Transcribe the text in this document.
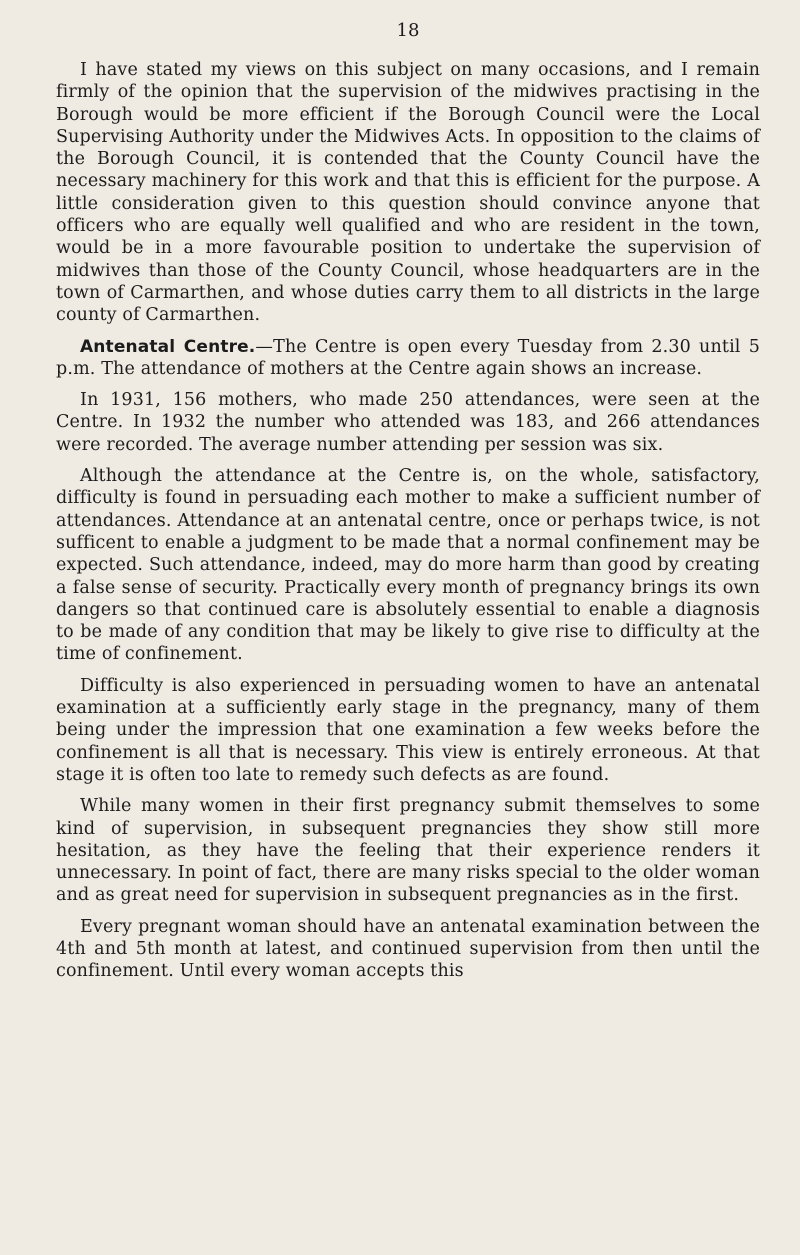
18

I have stated my views on this subject on many occasions, and I remain firmly of the opinion that the supervision of the midwives practising in the Borough would be more efficient if the Borough Council were the Local Supervising Authority under the Midwives Acts. In opposition to the claims of the Borough Council, it is contended that the County Council have the necessary machinery for this work and that this is efficient for the purpose. A little consideration given to this question should convince anyone that officers who are equally well qualified and who are resident in the town, would be in a more favourable position to undertake the supervision of midwives than those of the County Council, whose headquarters are in the town of Carmarthen, and whose duties carry them to all districts in the large county of Carmarthen.

Antenatal Centre.—The Centre is open every Tuesday from 2.30 until 5 p.m. The attendance of mothers at the Centre again shows an increase.

In 1931, 156 mothers, who made 250 attendances, were seen at the Centre. In 1932 the number who attended was 183, and 266 attendances were recorded. The average number attending per session was six.

Although the attendance at the Centre is, on the whole, satisfactory, difficulty is found in persuading each mother to make a sufficient number of attendances. Attendance at an antenatal centre, once or perhaps twice, is not sufficent to enable a judgment to be made that a normal confinement may be expected. Such attendance, indeed, may do more harm than good by creating a false sense of security. Practically every month of pregnancy brings its own dangers so that continued care is absolutely essential to enable a diagnosis to be made of any condition that may be likely to give rise to difficulty at the time of confinement.

Difficulty is also experienced in persuading women to have an antenatal examination at a sufficiently early stage in the pregnancy, many of them being under the impression that one examination a few weeks before the confinement is all that is necessary. This view is entirely erroneous. At that stage it is often too late to remedy such defects as are found.

While many women in their first pregnancy submit themselves to some kind of supervision, in subsequent pregnancies they show still more hesitation, as they have the feeling that their experience renders it unnecessary. In point of fact, there are many risks special to the older woman and as great need for supervision in subsequent pregnancies as in the first.

Every pregnant woman should have an antenatal examination between the 4th and 5th month at latest, and continued supervision from then until the confinement. Until every woman accepts this
